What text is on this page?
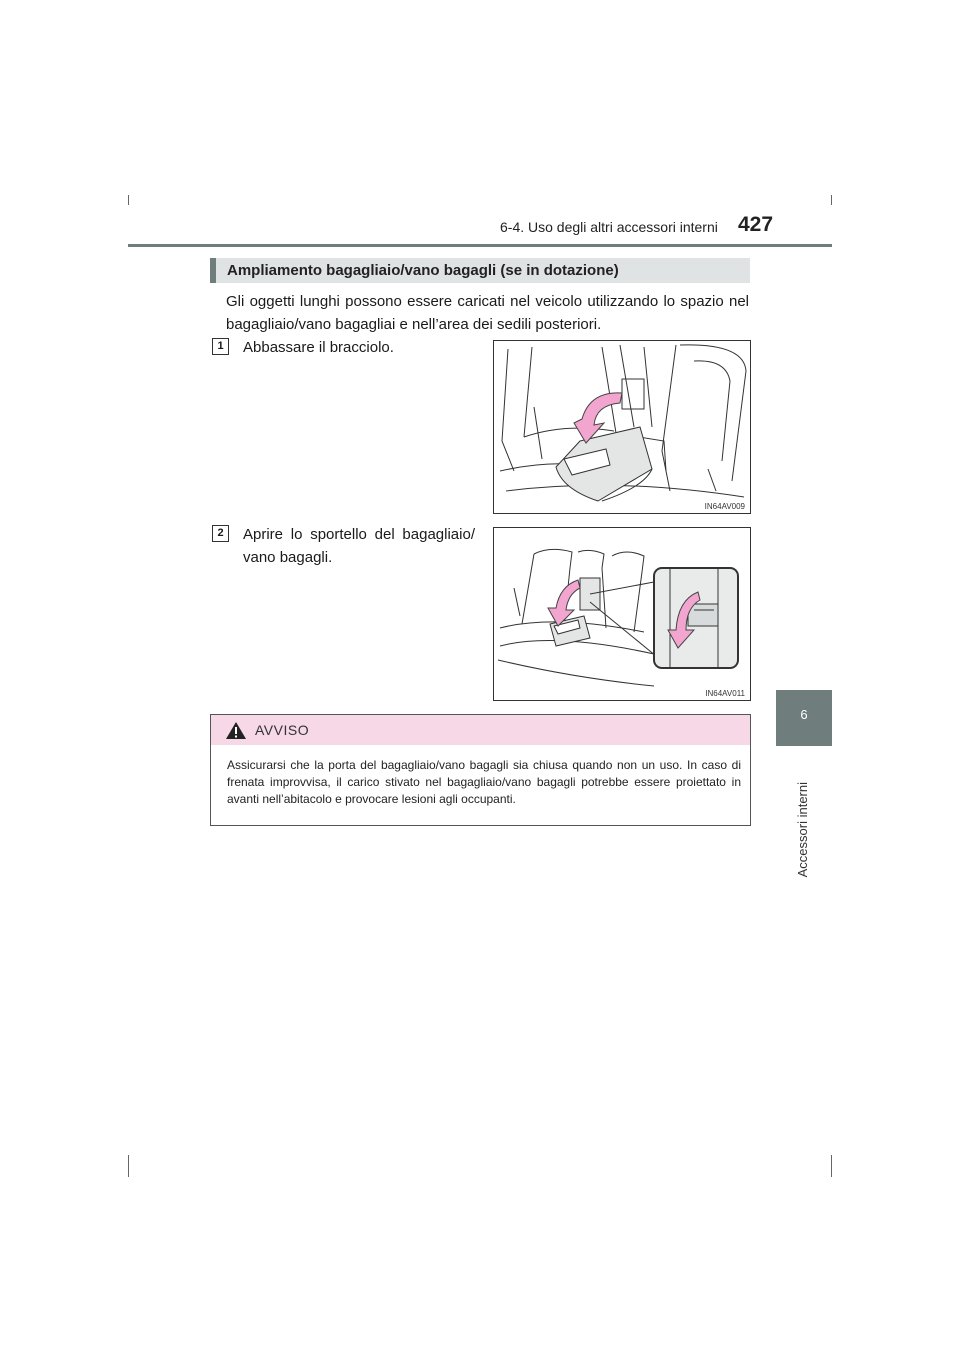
6-4. Uso degli altri accessori interni 427
6
Accessori interni
Ampliamento bagagliaio/vano bagagli (se in dotazione)
Gli oggetti lunghi possono essere caricati nel veicolo utilizzando lo spazio nel bagagliaio/vano bagagliai e nell’area dei sedili posteriori.
1	Abbassare il bracciolo.
IN64AV009
2	Aprire lo sportello del bagagliaio/ vano bagagli.
IN64AV011
AVVISO
Assicurarsi che la porta del bagagliaio/vano bagagli sia chiusa quando non un uso. In caso di frenata improvvisa, il carico stivato nel bagagliaio/vano bagagli potrebbe essere proiettato in avanti nell’abitacolo e provocare lesioni agli occupanti.
